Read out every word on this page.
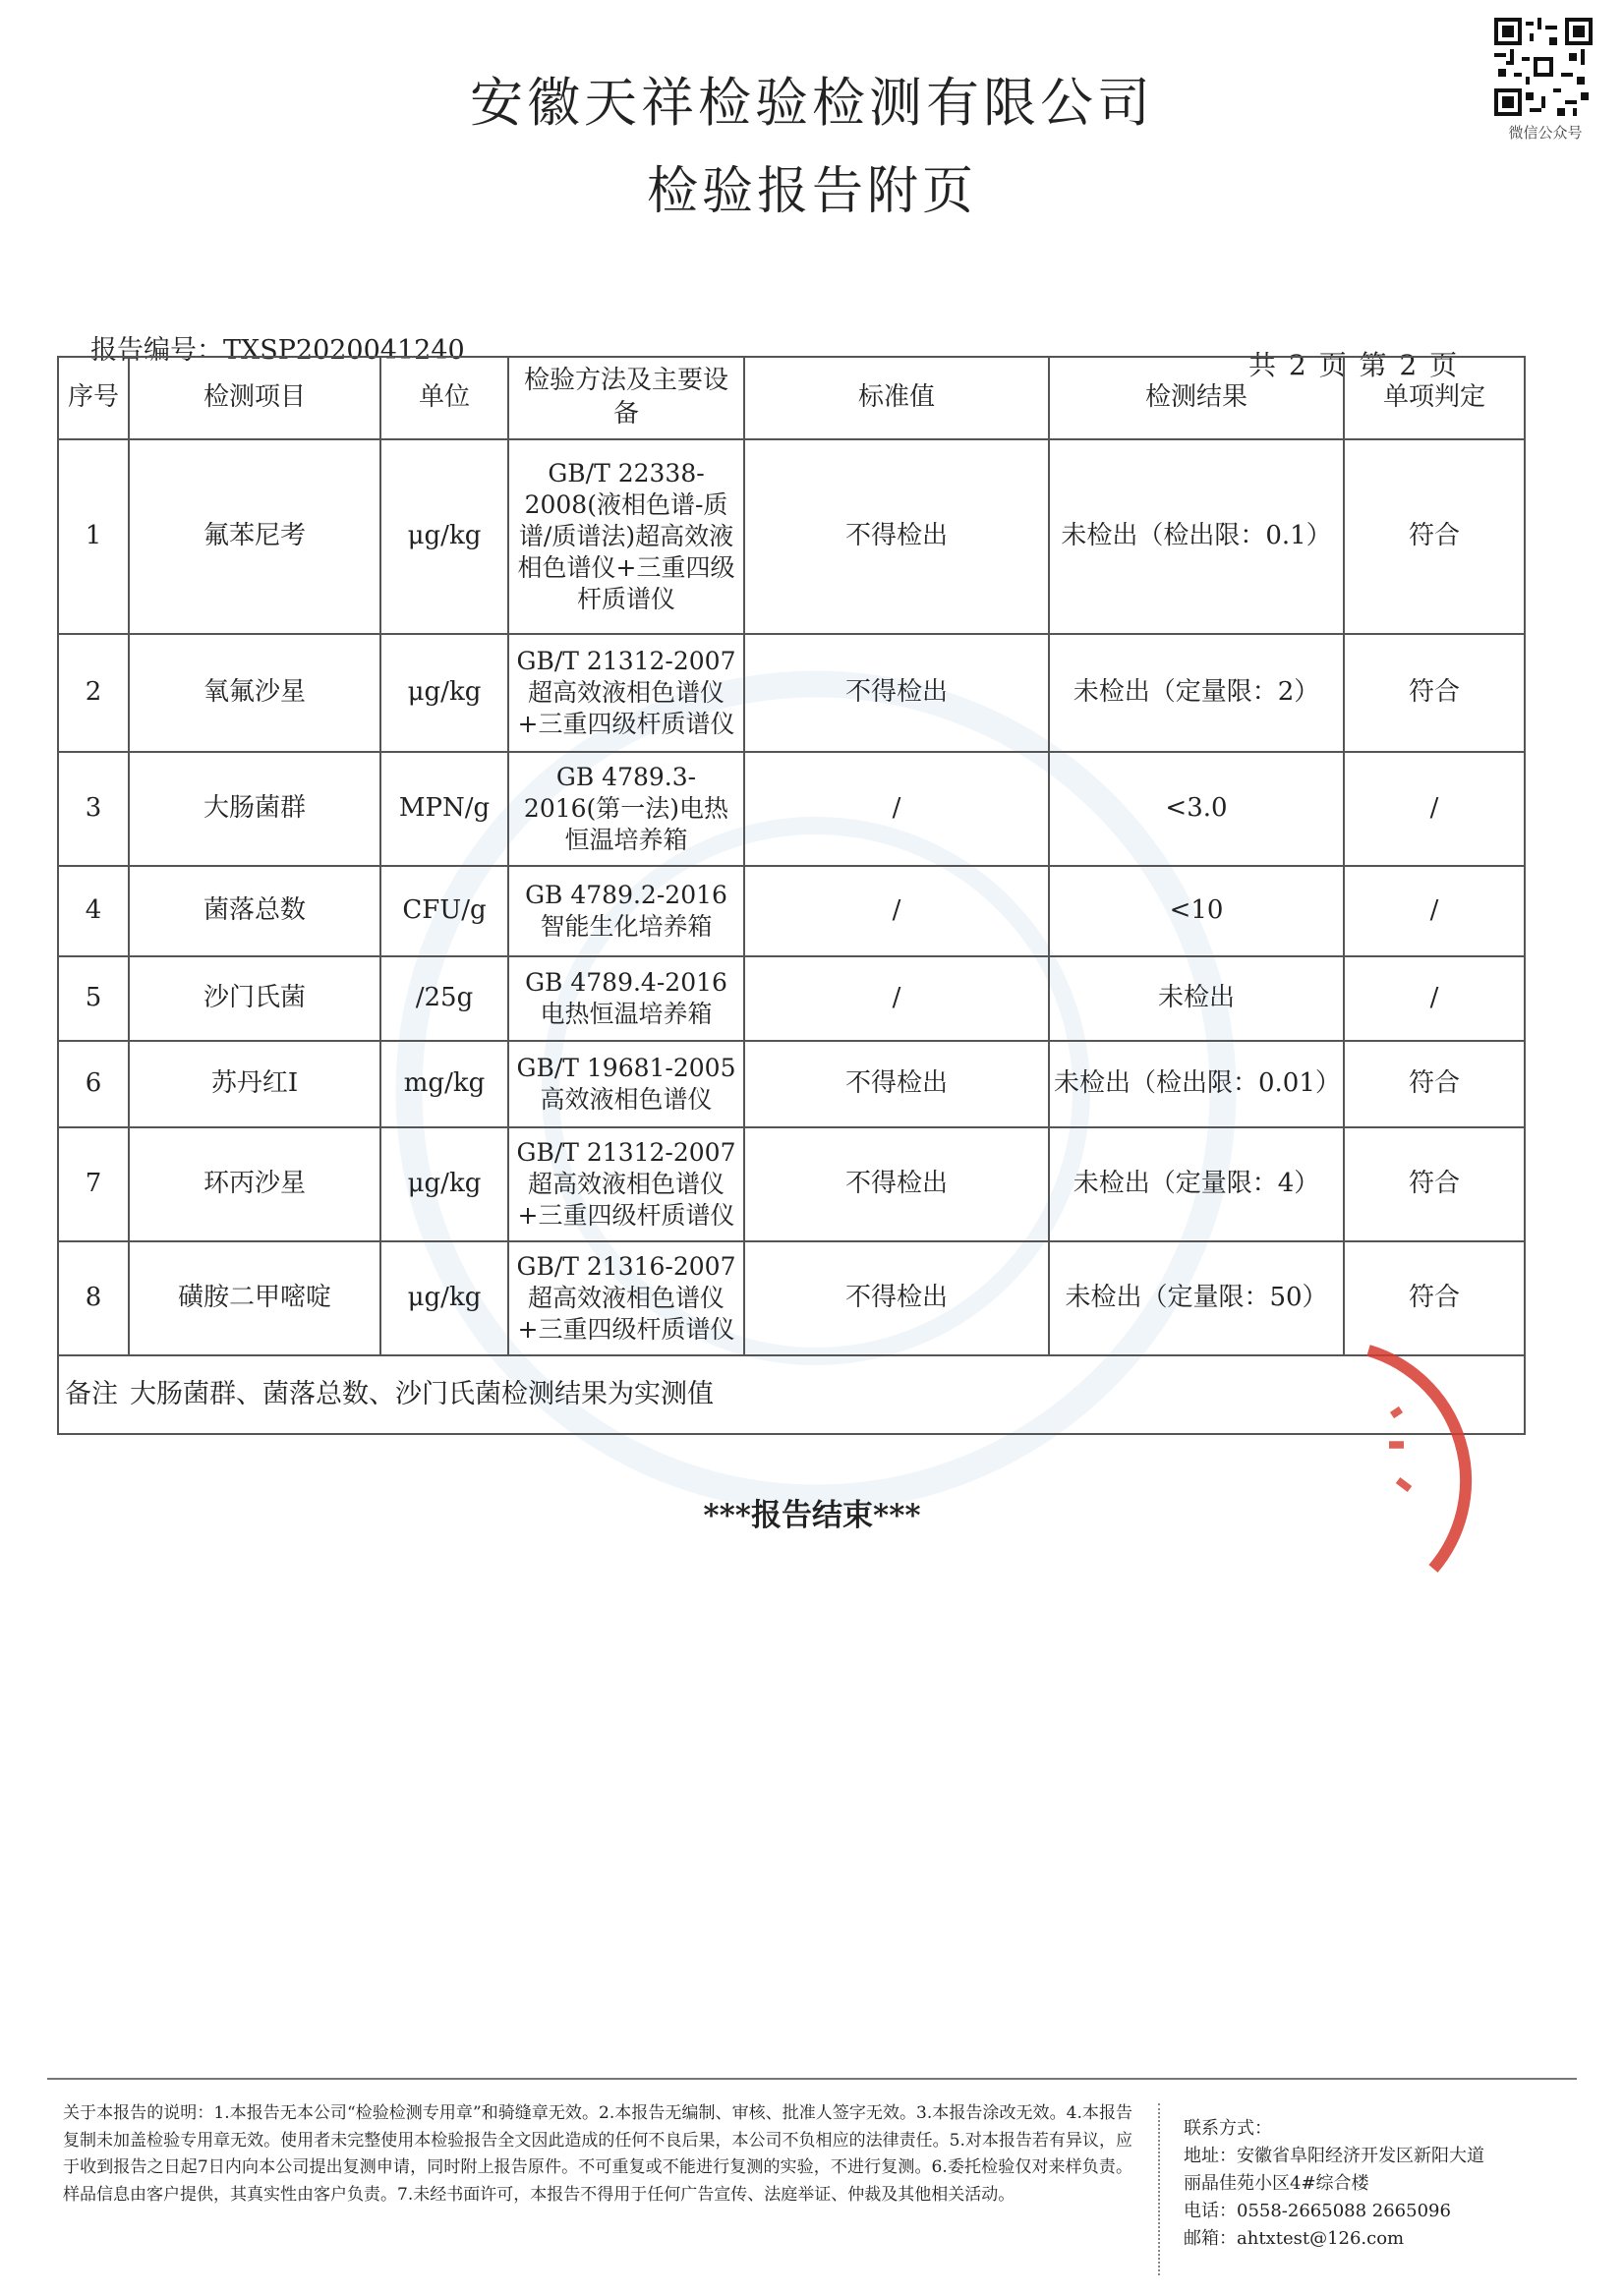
安徽天祥检验检测有限公司
检验报告附页
微信公众号
报告编号：TXSP2020041240	共 2 页 第 2 页
序号	检测项目	单位	检验方法及主要设备	标准值	检测结果	单项判定
1	氟苯尼考	μg/kg	GB/T 22338-2008(液相色谱-质谱/质谱法)超高效液相色谱仪+三重四级杆质谱仪	不得检出	未检出（检出限：0.1）	符合
2	氧氟沙星	μg/kg	GB/T 21312-2007超高效液相色谱仪+三重四级杆质谱仪	不得检出	未检出（定量限：2）	符合
3	大肠菌群	MPN/g	GB 4789.3-2016(第一法)电热恒温培养箱	/	<3.0	/
4	菌落总数	CFU/g	GB 4789.2-2016智能生化培养箱	/	<10	/
5	沙门氏菌	/25g	GB 4789.4-2016电热恒温培养箱	/	未检出	/
6	苏丹红Ⅰ	mg/kg	GB/T 19681-2005高效液相色谱仪	不得检出	未检出（检出限：0.01）	符合
7	环丙沙星	μg/kg	GB/T 21312-2007超高效液相色谱仪+三重四级杆质谱仪	不得检出	未检出（定量限：4）	符合
8	磺胺二甲嘧啶	μg/kg	GB/T 21316-2007超高效液相色谱仪+三重四级杆质谱仪	不得检出	未检出（定量限：50）	符合
备注 大肠菌群、菌落总数、沙门氏菌检测结果为实测值						
***报告结束***
关于本报告的说明：1.本报告无本公司“检验检测专用章”和骑缝章无效。2.本报告无编制、审核、批准人签字无效。3.本报告涂改无效。4.本报告复制未加盖检验专用章无效。使用者未完整使用本检验报告全文因此造成的任何不良后果，本公司不负相应的法律责任。5.对本报告若有异议，应于收到报告之日起7日内向本公司提出复测申请，同时附上报告原件。不可重复或不能进行复测的实验，不进行复测。6.委托检验仅对来样负责。样品信息由客户提供，其真实性由客户负责。7.未经书面许可，本报告不得用于任何广告宣传、法庭举证、仲裁及其他相关活动。
联系方式：
地址：安徽省阜阳经济开发区新阳大道
丽晶佳苑小区4#综合楼
电话：0558-2665088 2665096
邮箱：ahtxtest@126.com
